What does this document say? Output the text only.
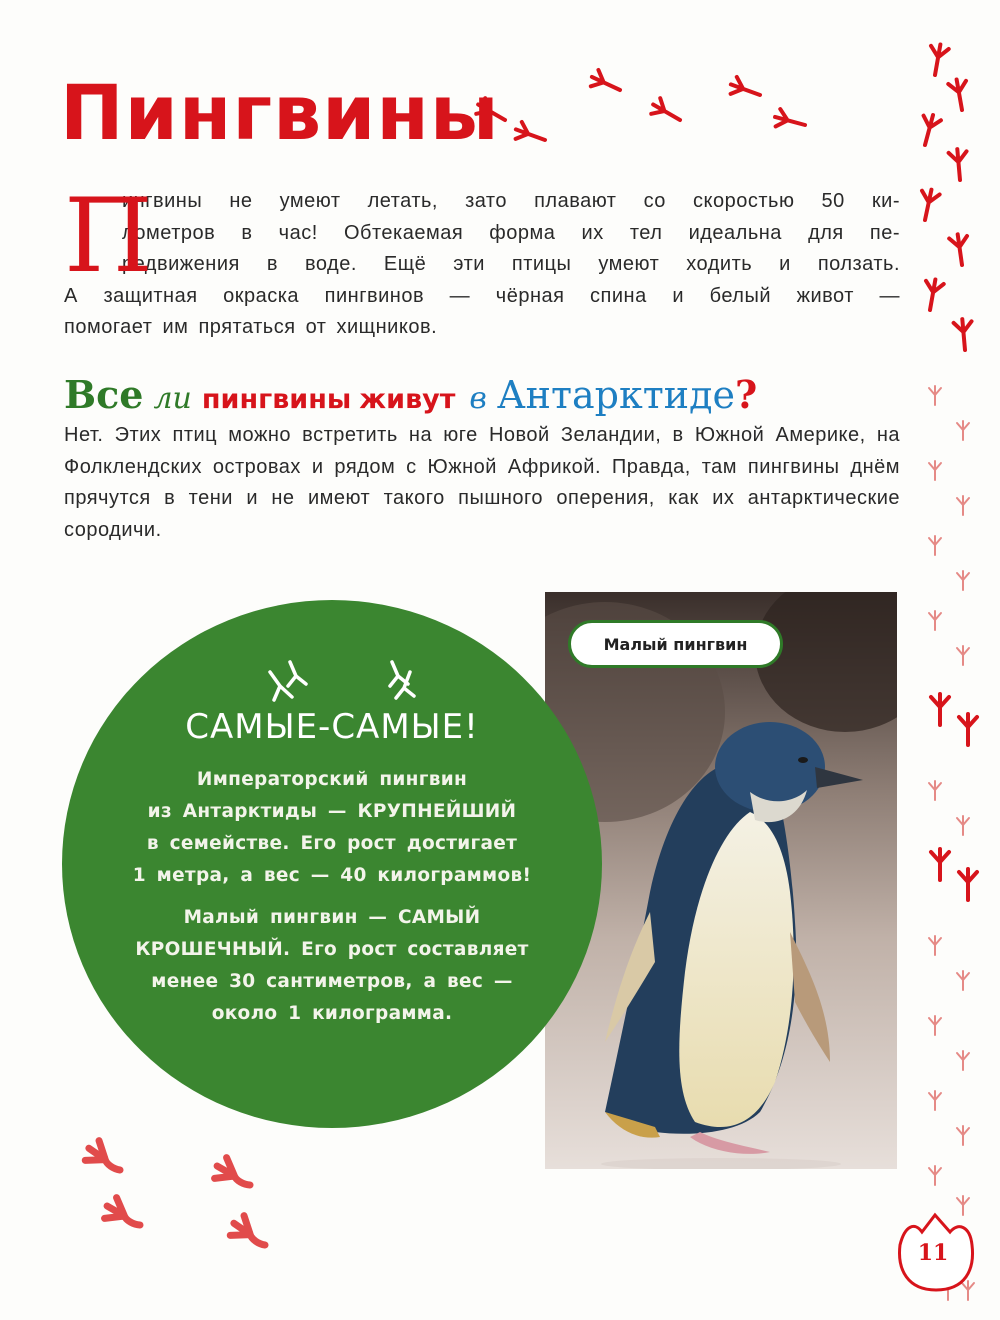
Пингвины
П

ингвины не умеют летать, зато плавают со скоростью 50 ки-
лометров в час! Обтекаемая форма их тел идеальна для пе-
редвижения в воде. Ещё эти птицы умеют ходить и ползать.
А защитная окраска пингвинов — чёрная спина и белый живот —
помогает им прятаться от хищников.

Все ли пингвины живут в Антарктиде?

Нет. Этих птиц можно встретить на юге Новой Зеландии, в Южной Америке, на Фолклендских островах и рядом с Южной Африкой. Правда, там пингвины днём прячутся в тени и не имеют такого пышного оперения, как их антарктические сородичи.

Малый пингвин
САМЫЕ-САМЫЕ!
Императорский пингвин
из Антарктиды — КРУПНЕЙШИЙ
в семействе. Его рост достигает
1 метра, а вес — 40 килограммов!
Малый пингвин — САМЫЙ
КРОШЕЧНЫЙ. Его рост составляет
менее 30 сантиметров, а вес —
около 1 килограмма.
11
